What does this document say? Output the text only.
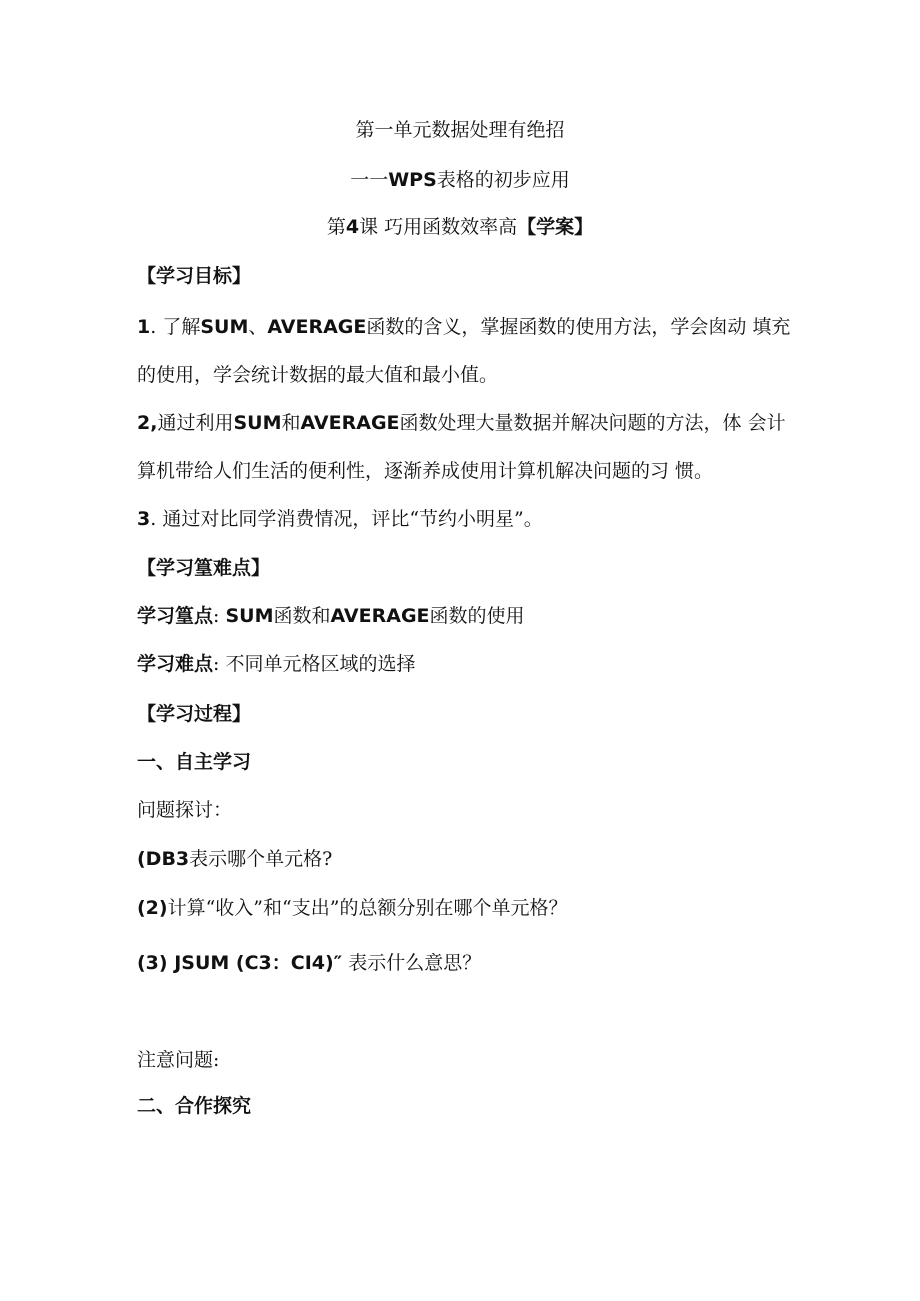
第一单元数据处理有绝招
一一WPS表格的初步应用
第4课 巧用函数效率高【学案】
【学习目标】
1. 了解SUM、AVERAGE函数的含义，掌握函数的使用方法，学会囱动 填充
的使用，学会统计数据的最大值和最小值。
2,通过利用SUM和AVERAGE函数处理大量数据并解决问题的方法，体 会计
算机带给人们生活的便利性，逐渐养成使用计算机解决问题的习 惯。
3. 通过对比同学消费情况，评比“节约小明星”。
【学习篁难点】
学习篁点: SUM函数和AVERAGE函数的使用
学习难点: 不同单元格区域的选择
【学习过程】
一、自主学习
问题探讨：
(DB3表示哪个单元格?
(2)计算“收入”和“支出”的总额分别在哪个单元格？
(3) JSUM (C3：CI4)″ 表示什么意思？
注意问题:
二、合作探究
